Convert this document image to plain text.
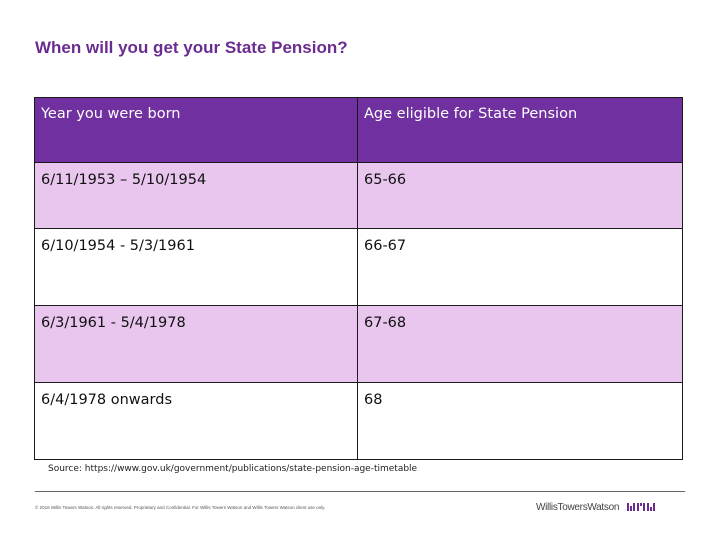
When will you get your State Pension?
Year you were born	Age eligible for State Pension
6/11/1953 – 5/10/1954	65-66
6/10/1954 - 5/3/1961	66-67
6/3/1961 - 5/4/1978	67-68
6/4/1978 onwards	68
Source: https://www.gov.uk/government/publications/state-pension-age-timetable
© 2016 Willis Towers Watson. All rights reserved. Proprietary and Confidential. For Willis Towers Watson and Willis Towers Watson client use only.	WillisTowersWatson
